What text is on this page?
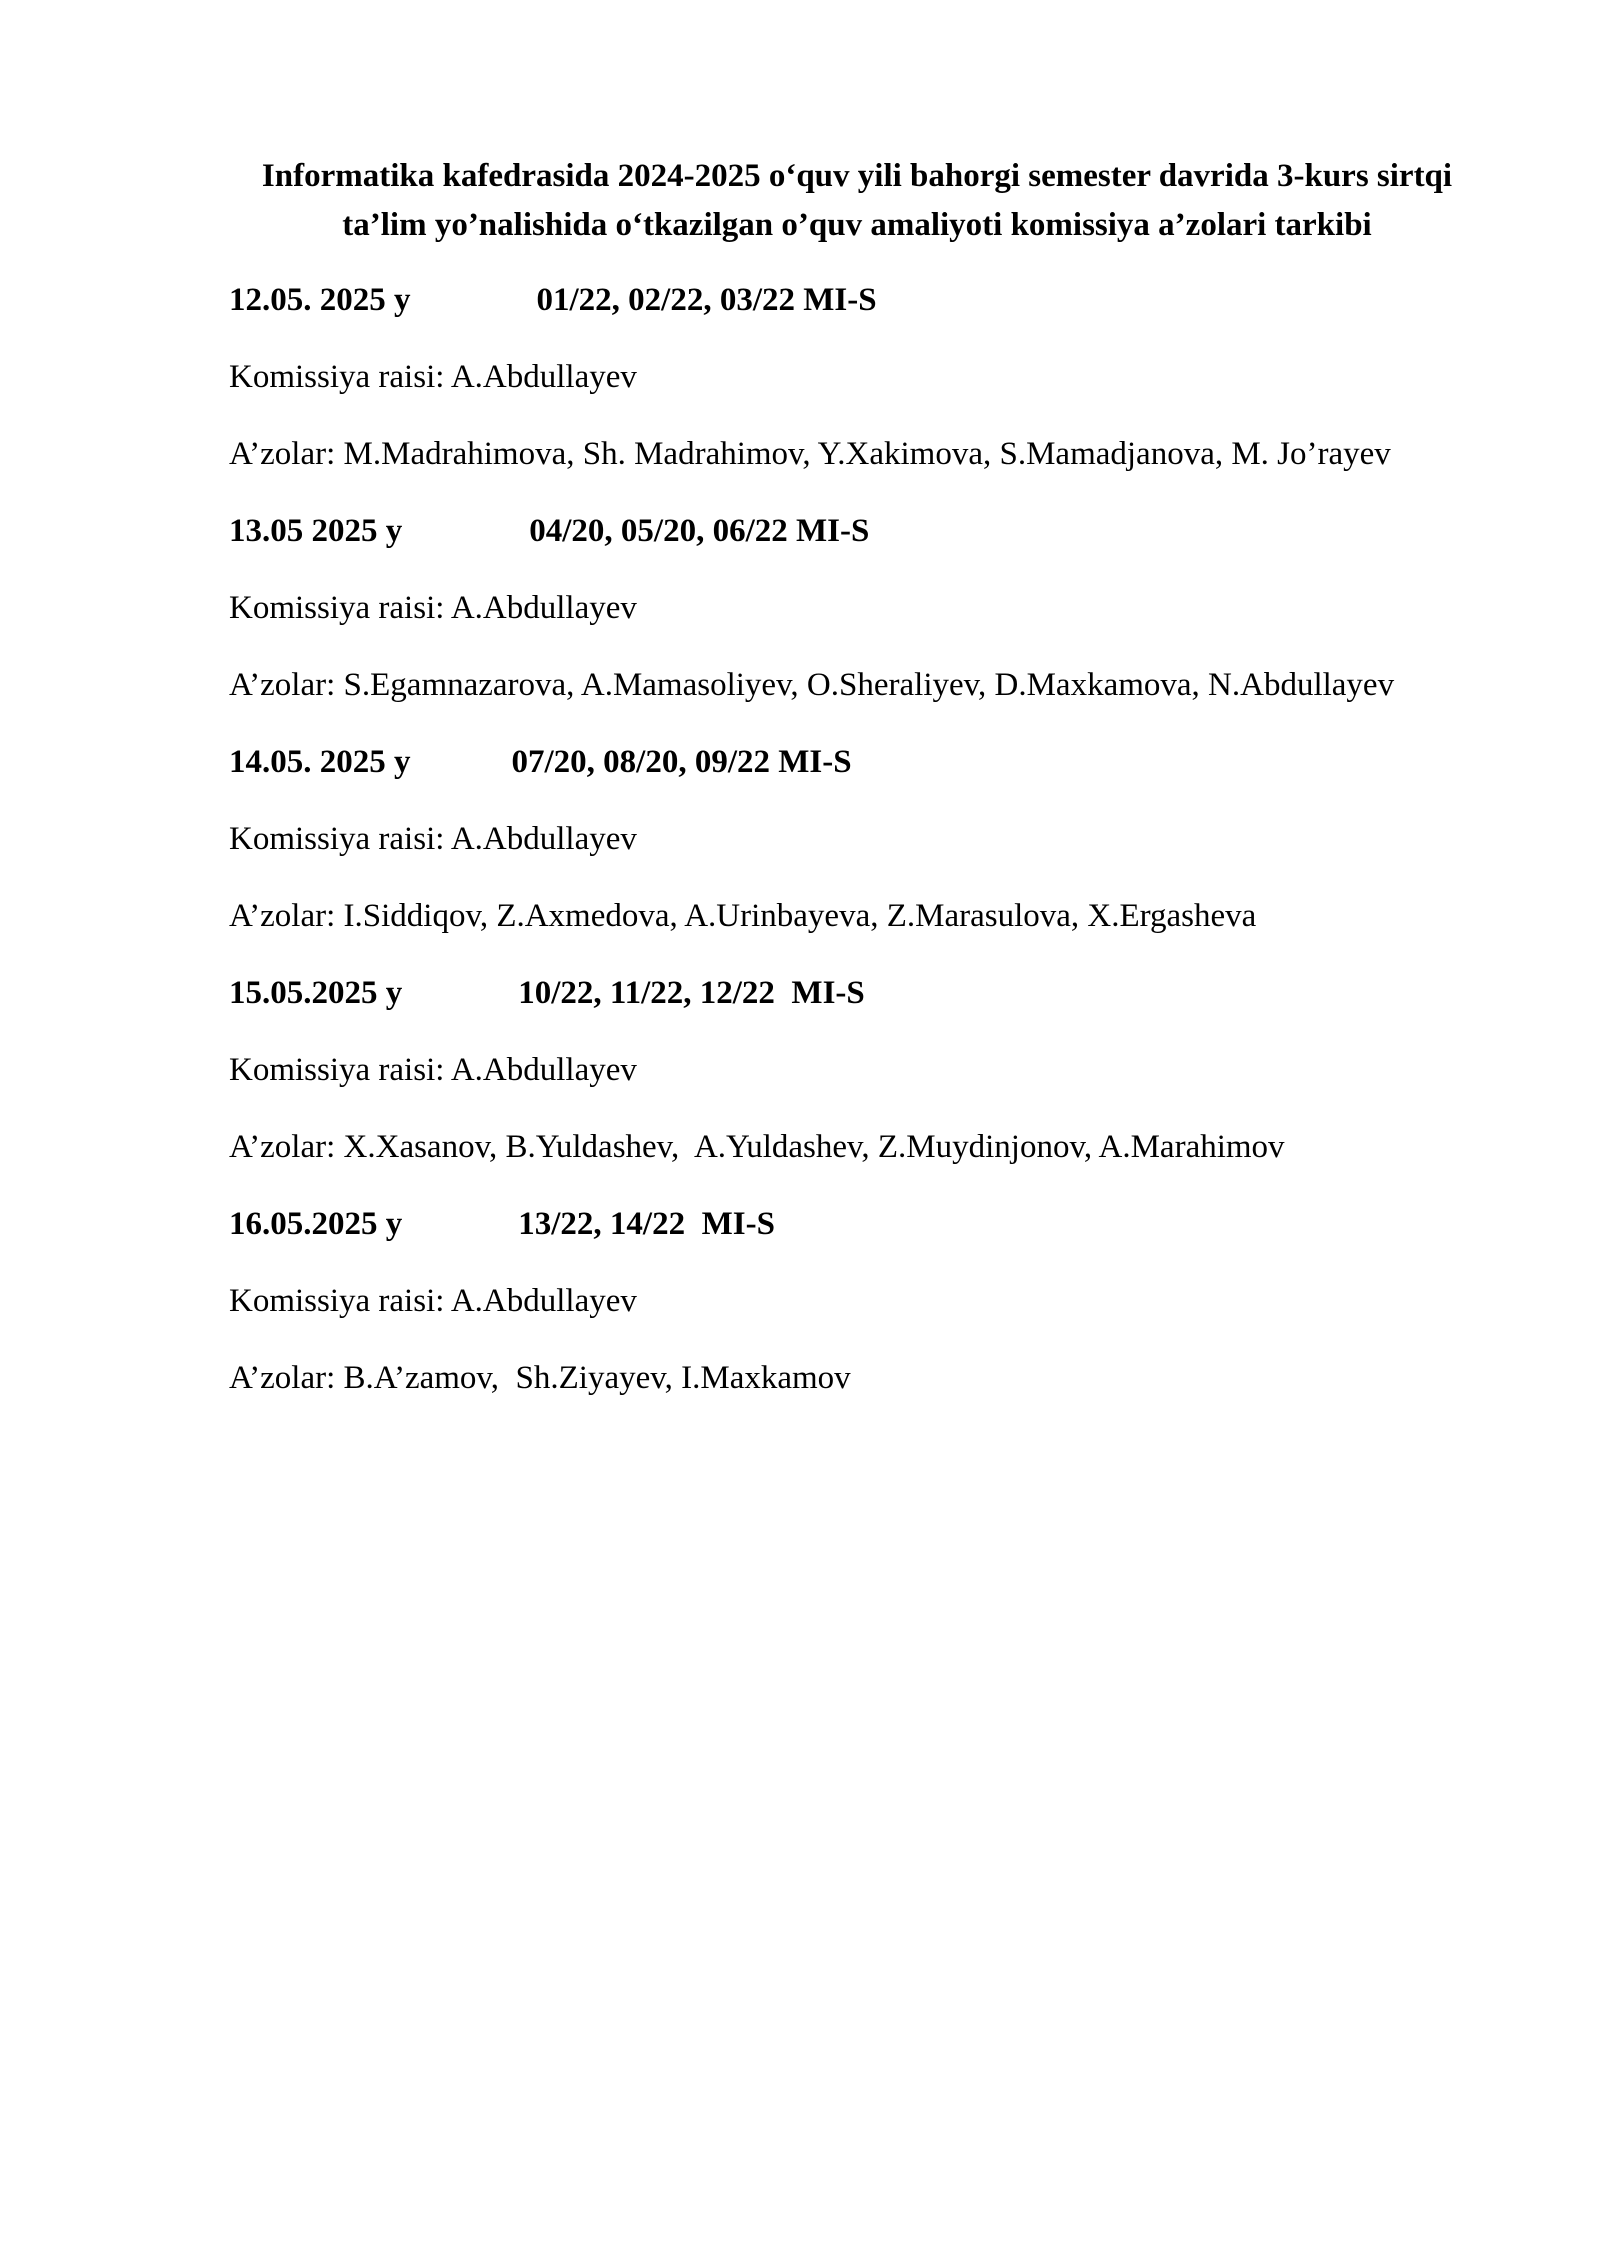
Informatika kafedrasida 2024-2025 o‘quv yili bahorgi semester davrida 3-kurs sirtqi ta’lim yo’nalishida o‘tkazilgan o’quv amaliyoti komissiya a’zolari tarkibi

12.05. 2025 y	01/22, 02/22, 03/22 MI-S

Komissiya raisi: A.Abdullayev

A’zolar: M.Madrahimova, Sh. Madrahimov, Y.Xakimova, S.Mamadjanova, M. Jo’rayev

13.05 2025 y	04/20, 05/20, 06/22 MI-S

Komissiya raisi: A.Abdullayev

A’zolar: S.Egamnazarova, A.Mamasoliyev, O.Sheraliyev, D.Maxkamova, N.Abdullayev

14.05. 2025 y	07/20, 08/20, 09/22 MI-S

Komissiya raisi: A.Abdullayev

A’zolar: I.Siddiqov, Z.Axmedova, A.Urinbayeva, Z.Marasulova, X.Ergasheva

15.05.2025 y	10/22, 11/22, 12/22  MI-S

Komissiya raisi: A.Abdullayev

A’zolar: X.Xasanov, B.Yuldashev,  A.Yuldashev, Z.Muydinjonov, A.Marahimov

16.05.2025 y	13/22, 14/22  MI-S

Komissiya raisi: A.Abdullayev

A’zolar: B.A’zamov,  Sh.Ziyayev, I.Maxkamov
